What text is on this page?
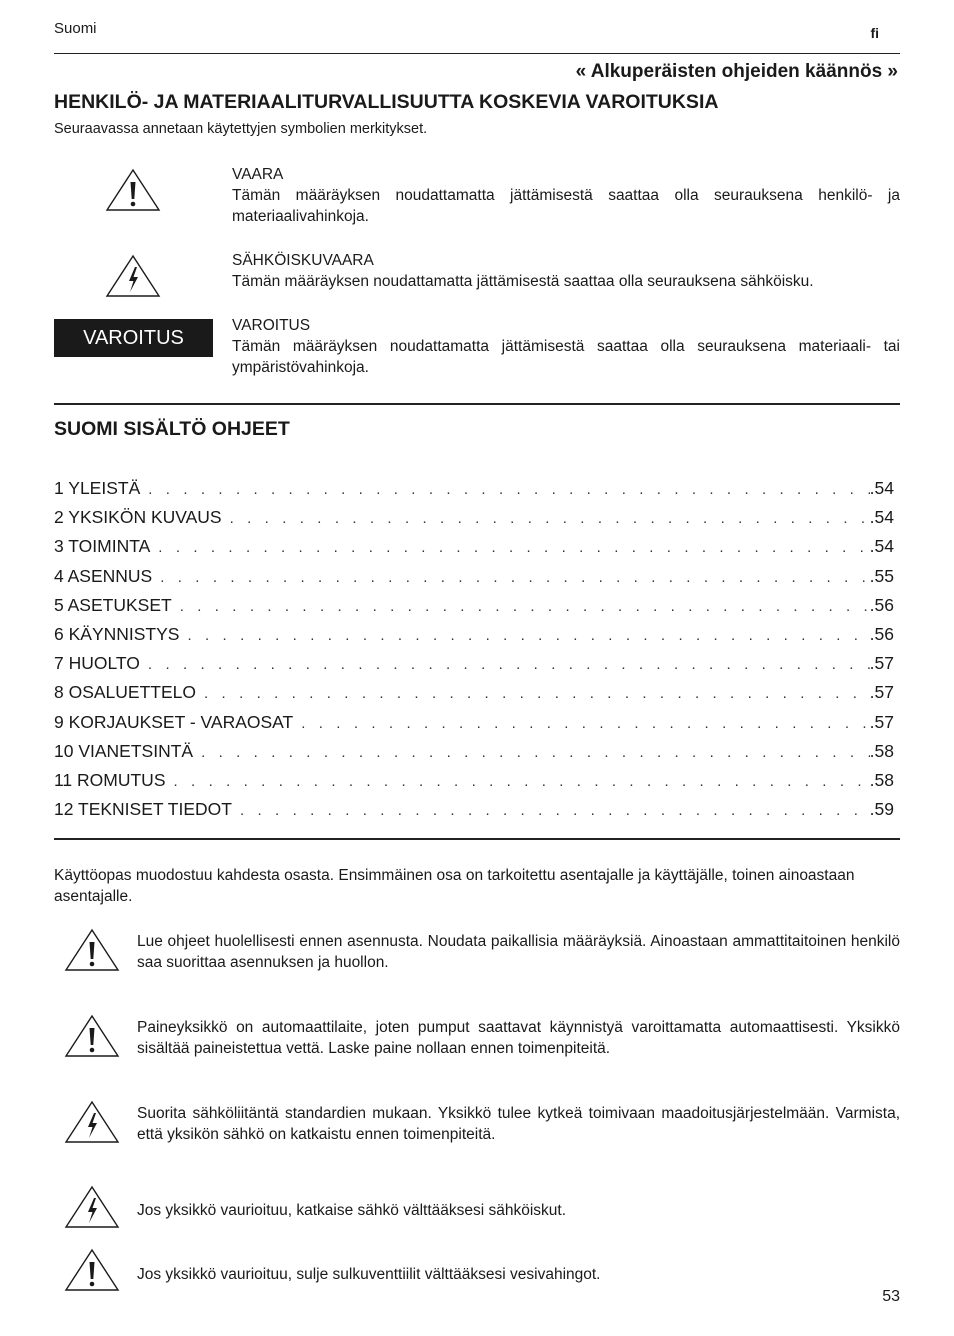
Suomi	fi
« Alkuperäisten ohjeiden käännös »
HENKILÖ- JA MATERIAALITURVALLISUUTTA KOSKEVIA VAROITUKSIA
Seuraavassa annetaan käytettyjen symbolien merkitykset.
VAARA
Tämän määräyksen noudattamatta jättämisestä saattaa olla seurauksena henkilö- ja materiaalivahinkoja.
SÄHKÖISKUVAARA
Tämän määräyksen noudattamatta jättämisestä saattaa olla seurauksena sähköisku.
VAROITUS
VAROITUS
Tämän määräyksen noudattamatta jättämisestä saattaa olla seurauksena materiaali- tai ympäristövahinkoja.
SUOMI SISÄLTÖ OHJEET
1 YLEISTÄ . . .	.54
2 YKSIKÖN KUVAUS . . .	.54
3 TOIMINTA . . .	.54
4 ASENNUS . . .	.55
5 ASETUKSET . . .	.56
6 KÄYNNISTYS . . .	.56
7 HUOLTO . . .	.57
8 OSALUETTELO . . .	.57
9 KORJAUKSET - VARAOSAT . . .	.57
10 VIANETSINTÄ . . .	.58
11 ROMUTUS . . .	.58
12 TEKNISET TIEDOT . . .	.59
Käyttöopas muodostuu kahdesta osasta. Ensimmäinen osa on tarkoitettu asentajalle ja käyttäjälle, toinen ainoastaan asentajalle.
Lue ohjeet huolellisesti ennen asennusta. Noudata paikallisia määräyksiä. Ainoastaan ammattitaitoinen henkilö saa suorittaa asennuksen ja huollon.
Paineyksikkö on automaattilaite, joten pumput saattavat käynnistyä varoittamatta automaattisesti. Yksikkö sisältää paineistettua vettä. Laske paine nollaan ennen toimenpiteitä.
Suorita sähköliitäntä standardien mukaan. Yksikkö tulee kytkeä toimivaan maadoitusjärjestelmään. Varmista, että yksikön sähkö on katkaistu ennen toimenpiteitä.
Jos yksikkö vaurioituu, katkaise sähkö välttääksesi sähköiskut.
Jos yksikkö vaurioituu, sulje sulkuventtiilit välttääksesi vesivahingot.
53
